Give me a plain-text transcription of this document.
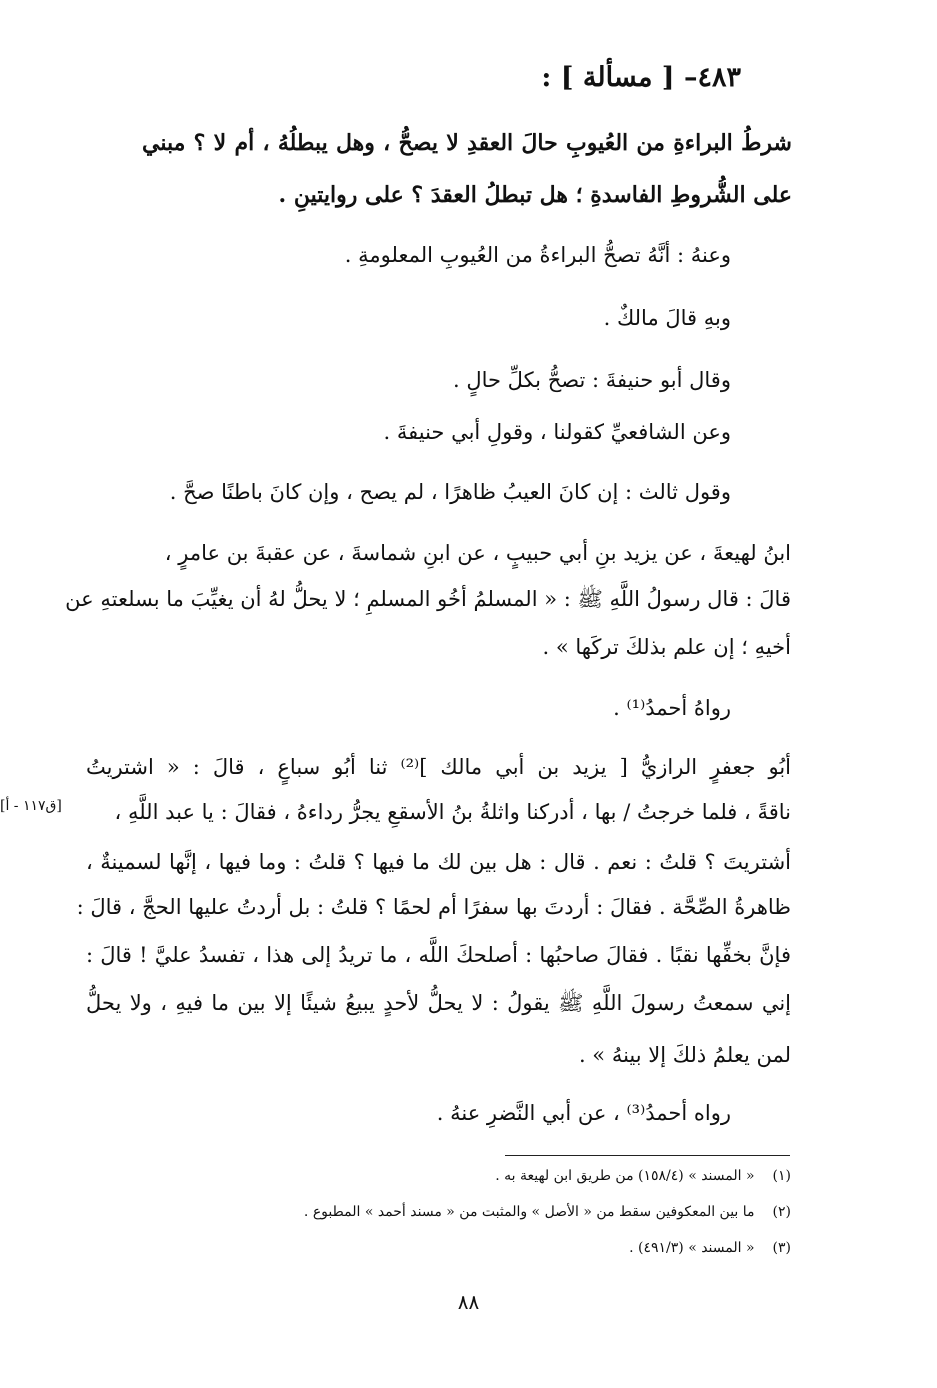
٤٨٣– [ مسألة ] :
شرطُ البراءةِ من العُيوبِ حالَ العقدِ لا يصحُّ ، وهل يبطلُهُ ، أم لا ؟ مبني
على الشُّروطِ الفاسدةِ ؛ هل تبطلُ العقدَ ؟ على روايتينِ .
وعنهُ : أنَّهُ تصحُّ البراءةُ من العُيوبِ المعلومةِ .
وبهِ قالَ مالكٌ .
وقال أبو حنيفةَ : تصحُّ بكلِّ حالٍ .
وعن الشافعيِّ كقولنا ، وقولِ أبي حنيفةَ .
وقول ثالث : إن كانَ العيبُ ظاهرًا ، لم يصح ، وإن كانَ باطنًا صحَّ .
ابنُ لهيعةَ ، عن يزيد بنِ أبي حبيبٍ ، عن ابنِ شماسةَ ، عن عقبةَ بن عامرٍ ،
قالَ : قال رسولُ اللَّهِ ﷺ : « المسلمُ أخُو المسلمِ ؛ لا يحلُّ لهُ أن يغيِّبَ ما بسلعتهِ عن
أخيهِ ؛ إن علم بذلكَ تركَها » .
رواهُ أحمدُ⁽¹⁾ .
أبُو جعفرٍ الرازيُّ [ يزيد بن أبي مالك ]⁽²⁾ ثنا أبُو سباعٍ ، قالَ : « اشتريتُ
[ق١١٧ - أ]	ناقةً ، فلما خرجتُ / بها ، أدركنا واثلةُ بنُ الأسقعِ يجرُّ رداءهُ ، فقالَ : يا عبد اللَّهِ ،
أشتريتَ ؟ قلتُ : نعم . قال : هل بين لك ما فيها ؟ قلتُ : وما فيها ، إنَّها لسمينةٌ ،
ظاهرةُ الصِّحَّة . فقالَ : أردتَ بها سفرًا أم لحمًا ؟ قلتُ : بل أردتُ عليها الحجَّ ، قالَ :
فإنَّ بخفِّها نقبًا . فقالَ صاحبُها : أصلحكَ اللَّه ، ما تريدُ إلى هذا ، تفسدُ عليَّ ! قالَ :
إني سمعتُ رسولَ اللَّهِ ﷺ يقولُ : لا يحلُّ لأحدٍ يبيعُ شيئًا إلا بين ما فيهِ ، ولا يحلُّ
لمن يعلمُ ذلكَ إلا بينهُ » .
رواه أحمدُ⁽³⁾ ، عن أبي النَّضرِ عنهُ .
(١) « المسند » (١٥٨/٤) من طريق ابن لهيعة به .
(٢) ما بين المعكوفين سقط من « الأصل » والمثبت من « مسند أحمد » المطبوع .
(٣) « المسند » (٤٩١/٣) .
٨٨
